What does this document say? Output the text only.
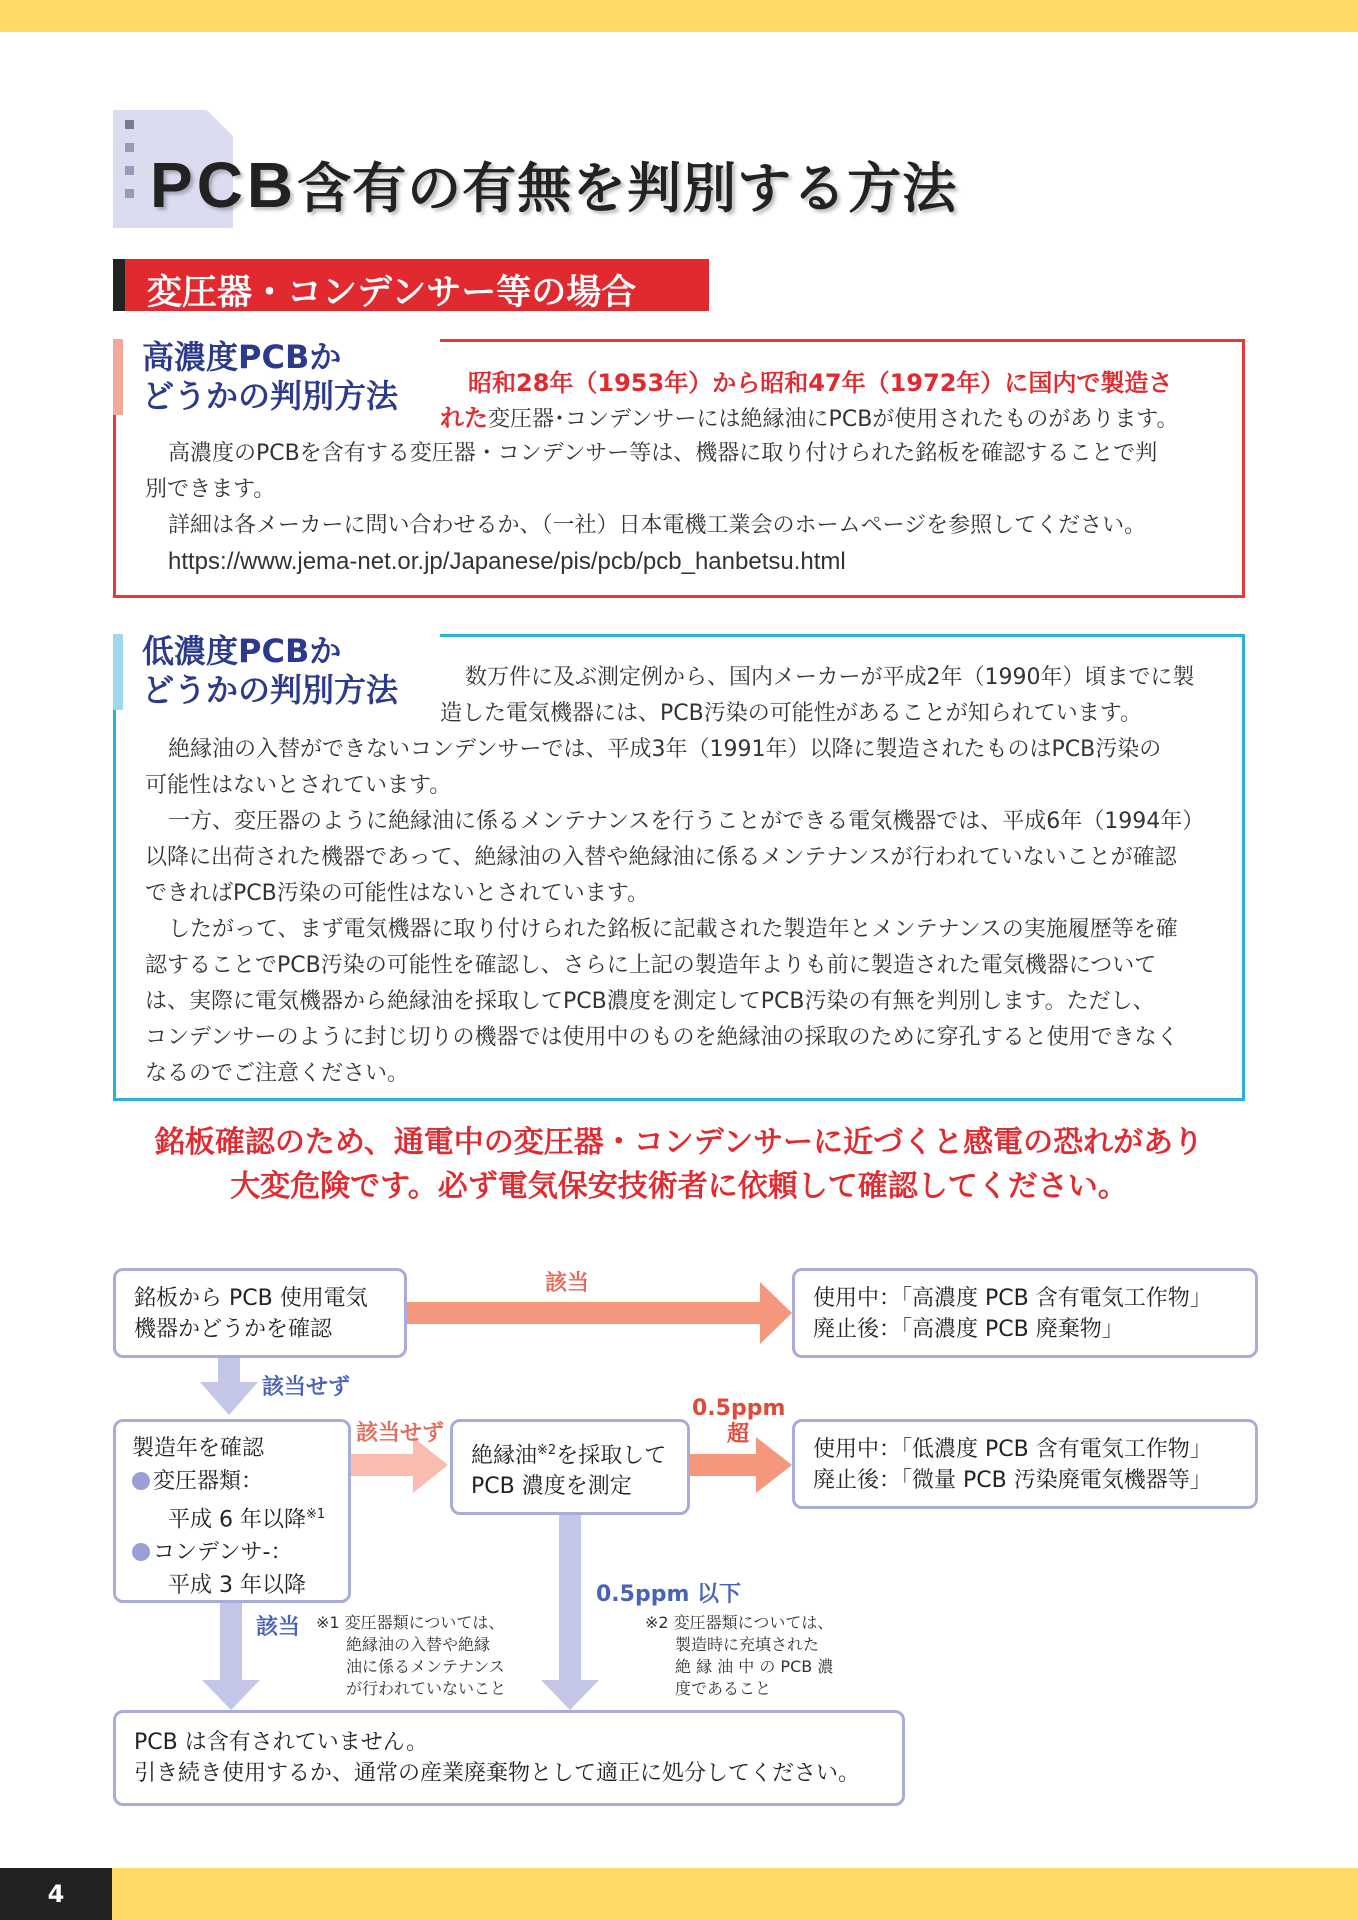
4
PCB含有の有無を判別する方法
変圧器・コンデンサー等の場合
高濃度PCBか
どうかの判別方法	昭和28年（1953年）から昭和47年（1972年）に国内で製造さ
れた変圧器･コンデンサーには絶縁油にPCBが使用されたものがあります。
高濃度のPCBを含有する変圧器・コンデンサー等は、機器に取り付けられた銘板を確認することで判
別できます。
詳細は各メーカーに問い合わせるか、（一社）日本電機工業会のホームページを参照してください。
https://www.jema-net.or.jp/Japanese/pis/pcb/pcb_hanbetsu.html
低濃度PCBか
どうかの判別方法	数万件に及ぶ測定例から、国内メーカーが平成2年（1990年）頃までに製
造した電気機器には、PCB汚染の可能性があることが知られています。
絶縁油の入替ができないコンデンサーでは、平成3年（1991年）以降に製造されたものはPCB汚染の
可能性はないとされています。
一方、変圧器のように絶縁油に係るメンテナンスを行うことができる電気機器では、平成6年（1994年）
以降に出荷された機器であって、絶縁油の入替や絶縁油に係るメンテナンスが行われていないことが確認
できればPCB汚染の可能性はないとされています。
したがって、まず電気機器に取り付けられた銘板に記載された製造年とメンテナンスの実施履歴等を確
認することでPCB汚染の可能性を確認し、さらに上記の製造年よりも前に製造された電気機器について
は、実際に電気機器から絶縁油を採取してPCB濃度を測定してPCB汚染の有無を判別します。ただし、
コンデンサーのように封じ切りの機器では使用中のものを絶縁油の採取のために穿孔すると使用できなく
なるのでご注意ください。
銘板確認のため、通電中の変圧器・コンデンサーに近づくと感電の恐れがあり
大変危険です。必ず電気保安技術者に依頼して確認してください。
銘板から PCB 使用電気
機器かどうかを確認
使用中：「高濃度 PCB 含有電気工作物」
廃止後：「高濃度 PCB 廃棄物」
該当
該当せず
製造年を確認
変圧器類：
平成 6 年以降$^{※1}$
コンデンサ-：
平成 3 年以降
該当せず
絶縁油$^{※2}$を採取して
PCB 濃度を測定
0.5ppm
超
使用中：「低濃度 PCB 含有電気工作物」
廃止後：「微量 PCB 汚染廃電気機器等」
0.5ppm 以下
該当 ※1 変圧器類については、
絶縁油の入替や絶縁
油に係るメンテナンス
が行われていないこと
※2 変圧器類については、
製造時に充填された
絶 縁 油 中 の PCB 濃
度であること
PCB は含有されていません。
引き続き使用するか、通常の産業廃棄物として適正に処分してください。
